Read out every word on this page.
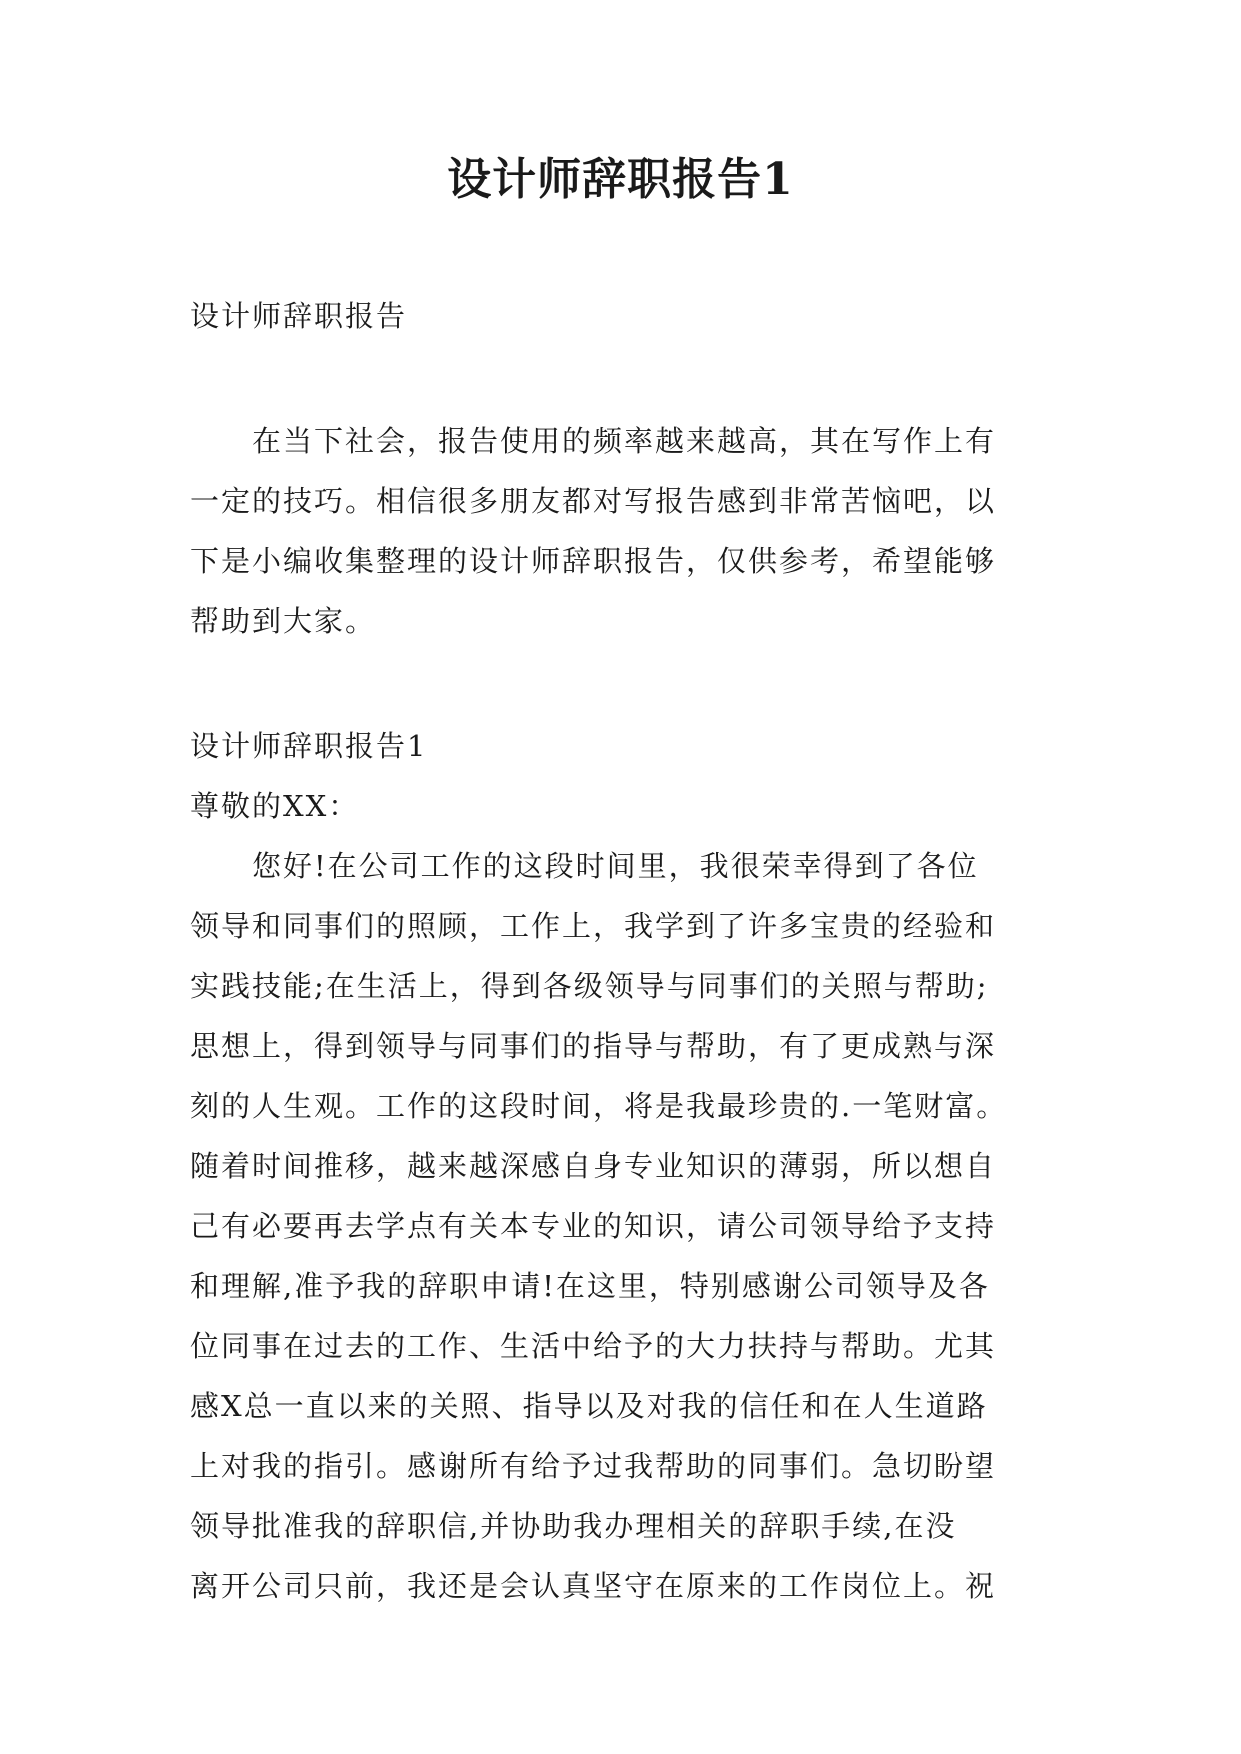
设计师辞职报告1
设计师辞职报告
　　在当下社会，报告使用的频率越来越高，其在写作上有
一定的技巧。相信很多朋友都对写报告感到非常苦恼吧，以
下是小编收集整理的设计师辞职报告，仅供参考，希望能够
帮助到大家。
设计师辞职报告1
尊敬的XX：
　　您好!在公司工作的这段时间里，我很荣幸得到了各位
领导和同事们的照顾，工作上，我学到了许多宝贵的经验和
实践技能;在生活上，得到各级领导与同事们的关照与帮助;
思想上，得到领导与同事们的指导与帮助，有了更成熟与深
刻的人生观。工作的这段时间，将是我最珍贵的.一笔财富。
随着时间推移，越来越深感自身专业知识的薄弱，所以想自
己有必要再去学点有关本专业的知识，请公司领导给予支持
和理解,准予我的辞职申请!在这里，特别感谢公司领导及各
位同事在过去的工作、生活中给予的大力扶持与帮助。尤其
感X总一直以来的关照、指导以及对我的信任和在人生道路
上对我的指引。感谢所有给予过我帮助的同事们。急切盼望
领导批准我的辞职信,并协助我办理相关的辞职手续,在没
离开公司只前，我还是会认真坚守在原来的工作岗位上。祝
